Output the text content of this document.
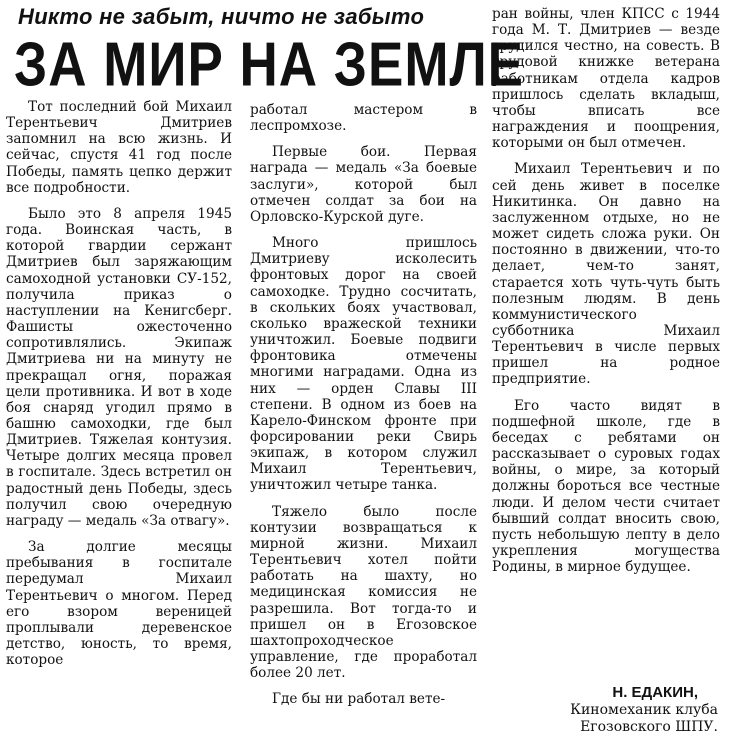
Никто не забыт, ничто не забыто
ЗА МИР НА ЗЕМЛЕ

Тот последний бой Михаил Терентьевич Дмитриев запомнил на всю жизнь. И сейчас, спустя 41 год после Победы, память цепко держит все подробности.

Было это 8 апреля 1945 года. Воинская часть, в которой гвардии сержант Дмитриев был заряжающим самоходной установки СУ-152, получила приказ о наступлении на Кенигсберг. Фашисты ожесточенно сопротивлялись. Экипаж Дмитриева ни на минуту не прекращал огня, поражая цели противника. И вот в ходе боя снаряд угодил прямо в башню самоходки, где был Дмитриев. Тяжелая контузия. Четыре долгих месяца провел в госпитале. Здесь встретил он радостный день Победы, здесь получил свою очередную награду — медаль «За отвагу».

За долгие месяцы пребывания в госпитале передумал Михаил Терентьевич о многом. Перед его взором вереницей проплывали деревенское детство, юность, то время, которое

работал мастером в леспромхозе.

Первые бои. Первая награда — медаль «За боевые заслуги», которой был отмечен солдат за бои на Орловско-Курской дуге.

Много пришлось Дмитриеву исколесить фронтовых дорог на своей самоходке. Трудно сосчитать, в скольких боях участвовал, сколько вражеской техники уничтожил. Боевые подвиги фронтовика отмечены многими наградами. Одна из них — орден Славы III степени. В одном из боев на Карело-Финском фронте при форсировании реки Свирь экипаж, в котором служил Михаил Терентьевич, уничтожил четыре танка.

Тяжело было после контузии возвращаться к мирной жизни. Михаил Терентьевич хотел пойти работать на шахту, но медицинская комиссия не разрешила. Вот тогда-то и пришел он в Егозовское шахтопроходческое управление, где проработал более 20 лет.

Где бы ни работал вете-

ран войны, член КПСС с 1944 года М. Т. Дмитриев — везде трудился честно, на совесть. В трудовой книжке ветерана работникам отдела кадров пришлось сделать вкладыш, чтобы вписать все награждения и поощрения, которыми он был отмечен.

Михаил Терентьевич и по сей день живет в поселке Никитинка. Он давно на заслуженном отдыхе, но не может сидеть сложа руки. Он постоянно в движении, что-то делает, чем-то занят, старается хоть чуть-чуть быть полезным людям. В день коммунистического субботника Михаил Терентьевич в числе первых пришел на родное предприятие.

Его часто видят в подшефной школе, где в беседах с ребятами он рассказывает о суровых годах войны, о мире, за который должны бороться все честные люди. И делом чести считает бывший солдат вносить свою, пусть небольшую лепту в дело укрепления могущества Родины, в мирное будущее.

Н. ЕДАКИН,
Киномеханик клуба
Егозовского ШПУ.
